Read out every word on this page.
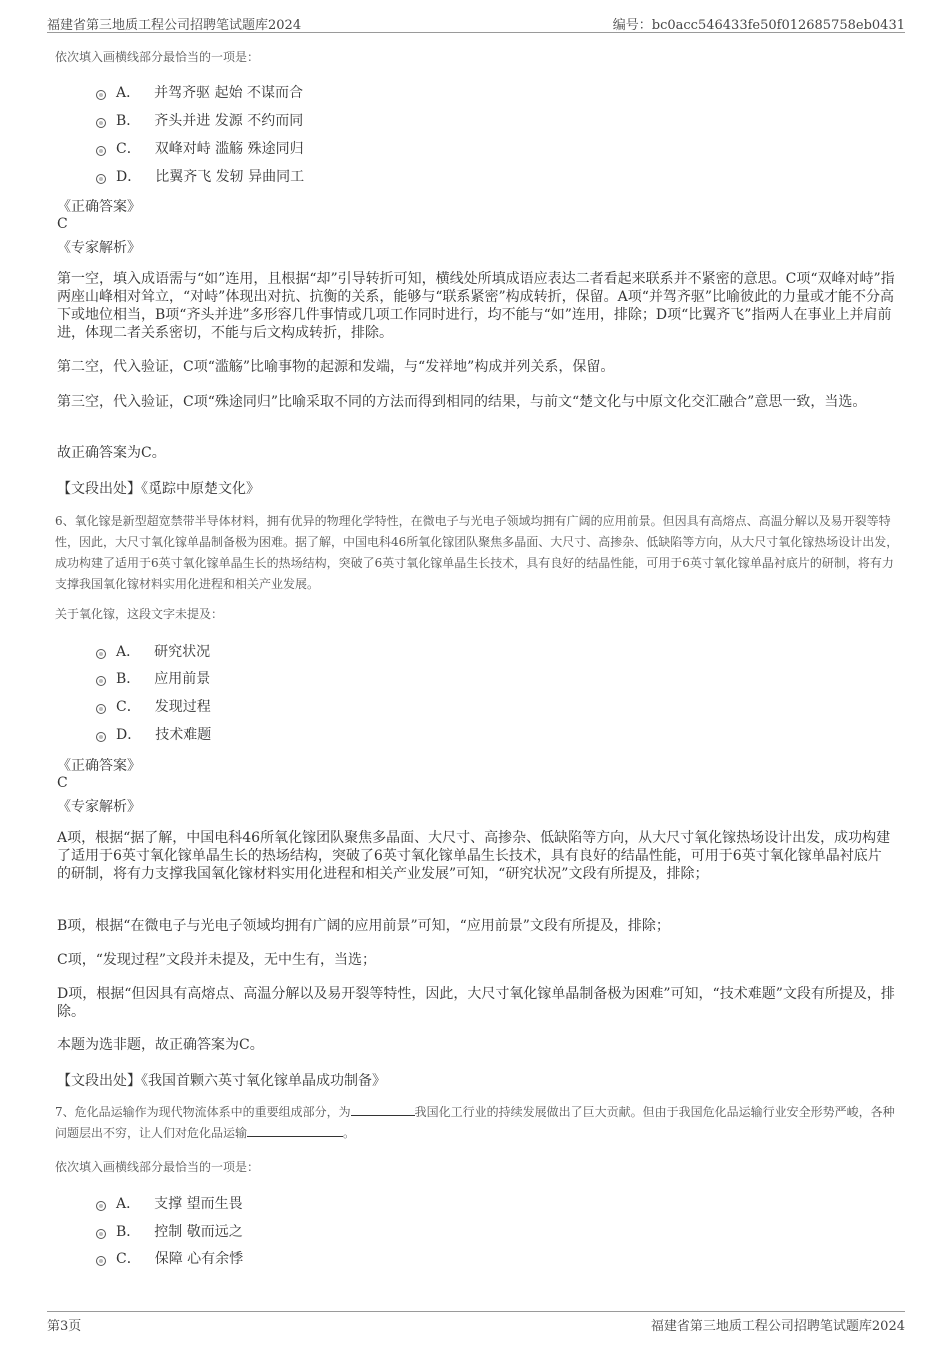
福建省第三地质工程公司招聘笔试题库2024	编号：bc0acc546433fe50f012685758eb0431
依次填入画横线部分最恰当的一项是：
A． 并驾齐驱 起始 不谋而合
B． 齐头并进 发源 不约而同
C． 双峰对峙 滥觞 殊途同归
D． 比翼齐飞 发轫 异曲同工
《正确答案》
C
《专家解析》
第一空，填入成语需与“如”连用，且根据“却”引导转折可知，横线处所填成语应表达二者看起来联系并不紧密的意思。C项“双峰对峙”指两座山峰相对耸立，“对峙”体现出对抗、抗衡的关系，能够与“联系紧密”构成转折，保留。A项“并驾齐驱”比喻彼此的力量或才能不分高下或地位相当，B项“齐头并进”多形容几件事情或几项工作同时进行，均不能与“如”连用，排除；D项“比翼齐飞”指两人在事业上并肩前进，体现二者关系密切，不能与后文构成转折，排除。
第二空，代入验证，C项“滥觞”比喻事物的起源和发端，与“发祥地”构成并列关系，保留。
第三空，代入验证，C项“殊途同归”比喻采取不同的方法而得到相同的结果，与前文“楚文化与中原文化交汇融合”意思一致，当选。
故正确答案为C。
【文段出处】《觅踪中原楚文化》
6、氧化镓是新型超宽禁带半导体材料，拥有优异的物理化学特性，在微电子与光电子领域均拥有广阔的应用前景。但因具有高熔点、高温分解以及易开裂等特性，因此，大尺寸氧化镓单晶制备极为困难。据了解，中国电科46所氧化镓团队聚焦多晶面、大尺寸、高掺杂、低缺陷等方向，从大尺寸氧化镓热场设计出发，成功构建了适用于6英寸氧化镓单晶生长的热场结构，突破了6英寸氧化镓单晶生长技术，具有良好的结晶性能，可用于6英寸氧化镓单晶衬底片的研制，将有力支撑我国氧化镓材料实用化进程和相关产业发展。
关于氧化镓，这段文字未提及：
A． 研究状况
B． 应用前景
C． 发现过程
D． 技术难题
《正确答案》
C
《专家解析》
A项，根据“据了解，中国电科46所氧化镓团队聚焦多晶面、大尺寸、高掺杂、低缺陷等方向，从大尺寸氧化镓热场设计出发，成功构建了适用于6英寸氧化镓单晶生长的热场结构，突破了6英寸氧化镓单晶生长技术，具有良好的结晶性能，可用于6英寸氧化镓单晶衬底片的研制，将有力支撑我国氧化镓材料实用化进程和相关产业发展”可知，“研究状况”文段有所提及，排除；
B项，根据“在微电子与光电子领域均拥有广阔的应用前景”可知，“应用前景”文段有所提及，排除；
C项，“发现过程”文段并未提及，无中生有，当选；
D项，根据“但因具有高熔点、高温分解以及易开裂等特性，因此，大尺寸氧化镓单晶制备极为困难”可知，“技术难题”文段有所提及，排除。
本题为选非题，故正确答案为C。
【文段出处】《我国首颗六英寸氧化镓单晶成功制备》
7、危化品运输作为现代物流体系中的重要组成部分，为	我国化工行业的持续发展做出了巨大贡献。但由于我国危化品运输行业安全形势严峻，各种问题层出不穷，让人们对危化品运输	。
依次填入画横线部分最恰当的一项是：
A． 支撑 望而生畏
B． 控制 敬而远之
C． 保障 心有余悸
第3页	福建省第三地质工程公司招聘笔试题库2024
